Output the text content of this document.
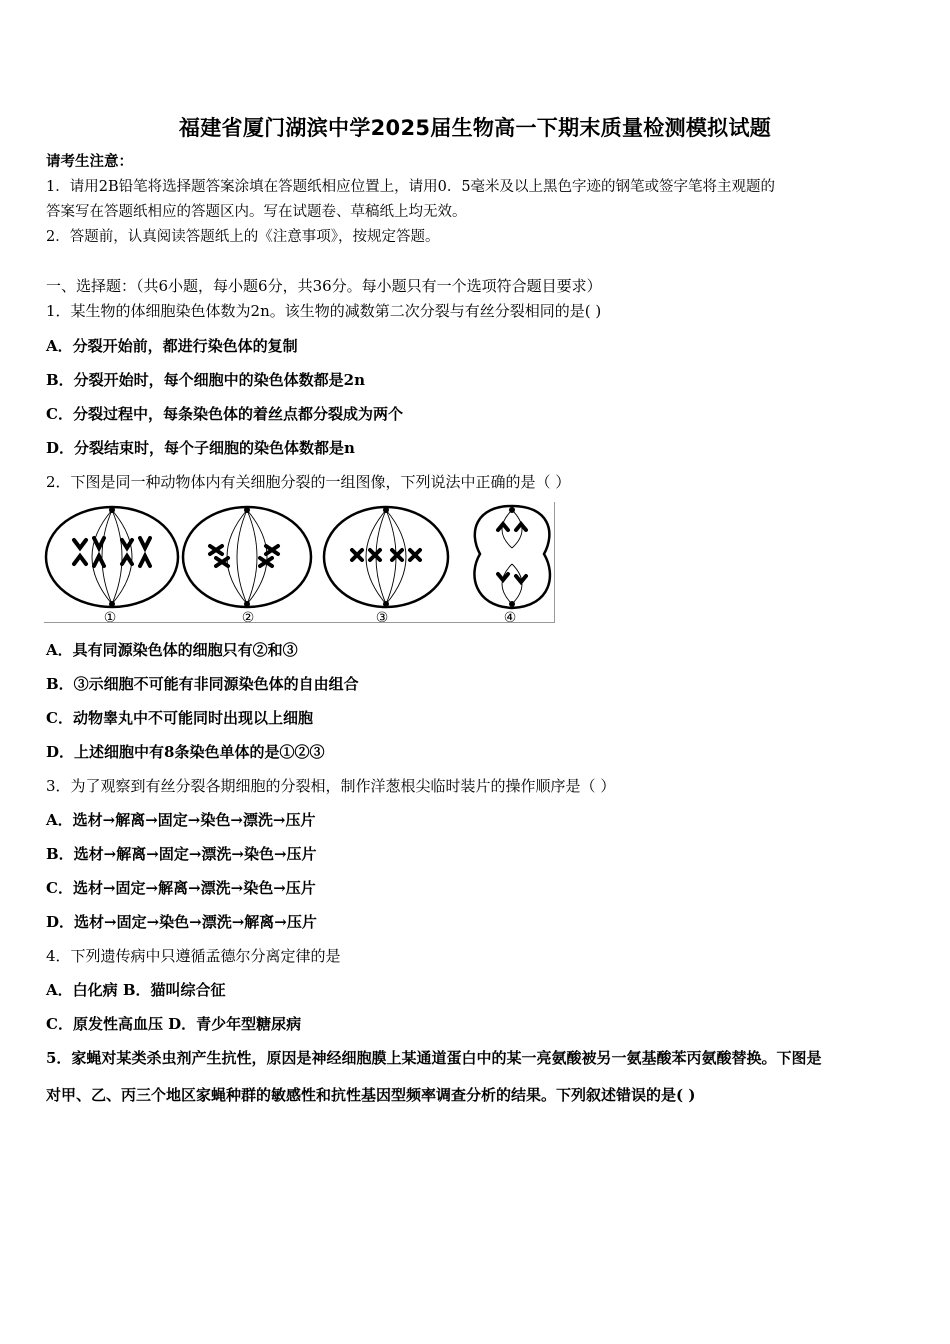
福建省厦门湖滨中学2025届生物高一下期末质量检测模拟试题
请考生注意：
1．请用2B铅笔将选择题答案涂填在答题纸相应位置上，请用0．5毫米及以上黑色字迹的钢笔或签字笔将主观题的
答案写在答题纸相应的答题区内。写在试题卷、草稿纸上均无效。
2．答题前，认真阅读答题纸上的《注意事项》，按规定答题。
一、选择题：（共6小题，每小题6分，共36分。每小题只有一个选项符合题目要求）
1．某生物的体细胞染色体数为2n。该生物的减数第二次分裂与有丝分裂相同的是( )
A．分裂开始前，都进行染色体的复制
B．分裂开始时，每个细胞中的染色体数都是2n
C．分裂过程中，每条染色体的着丝点都分裂成为两个
D．分裂结束时，每个子细胞的染色体数都是n
2．下图是同一种动物体内有关细胞分裂的一组图像，下列说法中正确的是（ ）
①	②	③	④
A．具有同源染色体的细胞只有②和③
B．③示细胞不可能有非同源染色体的自由组合
C．动物睾丸中不可能同时出现以上细胞
D．上述细胞中有8条染色单体的是①②③
3．为了观察到有丝分裂各期细胞的分裂相，制作洋葱根尖临时装片的操作顺序是（ ）
A．选材→解离→固定→染色→漂洗→压片
B．选材→解离→固定→漂洗→染色→压片
C．选材→固定→解离→漂洗→染色→压片
D．选材→固定→染色→漂洗→解离→压片
4．下列遗传病中只遵循孟德尔分离定律的是
A．白化病 B．猫叫综合征
C．原发性高血压 D．青少年型糖尿病
5．家蝇对某类杀虫剂产生抗性，原因是神经细胞膜上某通道蛋白中的某一亮氨酸被另一氨基酸苯丙氨酸替换。下图是
对甲、乙、丙三个地区家蝇种群的敏感性和抗性基因型频率调查分析的结果。下列叙述错误的是( )
